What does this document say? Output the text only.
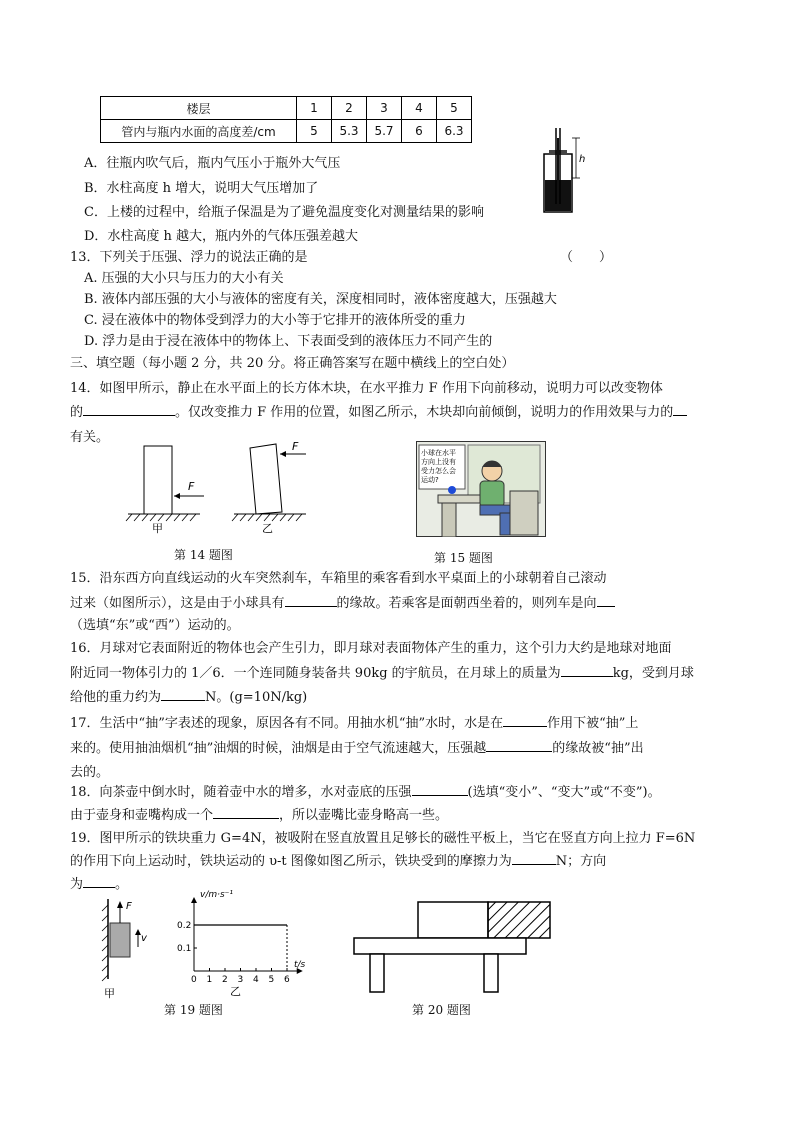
楼层	1	2	3	4	5
管内与瓶内水面的高度差/cm	5	5.3	5.7	6	6.3
h
A．往瓶内吹气后，瓶内气压小于瓶外大气压
B．水柱高度 h 增大，说明大气压增加了
C．上楼的过程中，给瓶子保温是为了避免温度变化对测量结果的影响
D．水柱高度 h 越大，瓶内外的气体压强差越大
13．下列关于压强、浮力的说法正确的是	（　　）
A. 压强的大小只与压力的大小有关
B. 液体内部压强的大小与液体的密度有关，深度相同时，液体密度越大，压强越大
C. 浸在液体中的物体受到浮力的大小等于它排开的液体所受的重力
D. 浮力是由于浸在液体中的物体上、下表面受到的液体压力不同产生的
三、填空题（每小题 2 分，共 20 分。将正确答案写在题中横线上的空白处）
14．如图甲所示，静止在水平面上的长方体木块，在水平推力 F 作用下向前移动，说明力可以改变物体
的	。仅改变推力 F 作用的位置，如图乙所示，木块却向前倾倒，说明力的作用效果与力的
有关。
F
甲
F
乙
第 14 题图
小球在水平
方向上没有
受力怎么会
运动?
第 15 题图
15．沿东西方向直线运动的火车突然刹车，车箱里的乘客看到水平桌面上的小球朝着自己滚动
过来（如图所示），这是由于小球具有	的缘故。若乘客是面朝西坐着的，则列车是向
（选填“东”或“西”）运动的。
16．月球对它表面附近的物体也会产生引力，即月球对表面物体产生的重力，这个引力大约是地球对地面
附近同一物体引力的 1／6．一个连同随身装备共 90kg 的宇航员，在月球上的质量为	kg，受到月球
给他的重力约为	N。(g=10N/kg)
17．生活中“抽”字表述的现象，原因各有不同。用抽水机“抽”水时，水是在	作用下被“抽”上
来的。使用抽油烟机“抽”油烟的时候，油烟是由于空气流速越大，压强越	的缘故被“抽”出
去的。
18．向茶壶中倒水时，随着壶中水的增多，水对壶底的压强	(选填“变小”、“变大”或“不变”)。
由于壶身和壶嘴构成一个	，所以壶嘴比壶身略高一些。
19．图甲所示的铁块重力 G=4N，被吸附在竖直放置且足够长的磁性平板上，当它在竖直方向上拉力 F=6N
的作用下向上运动时，铁块运动的 υ-t 图像如图乙所示，铁块受到的摩擦力为	N；方向
为 。
F
v
甲
0 1 2 3 4 5 6
0.1
0.2
v/m·s⁻¹
t/s
乙
第 19 题图	第 20 题图
